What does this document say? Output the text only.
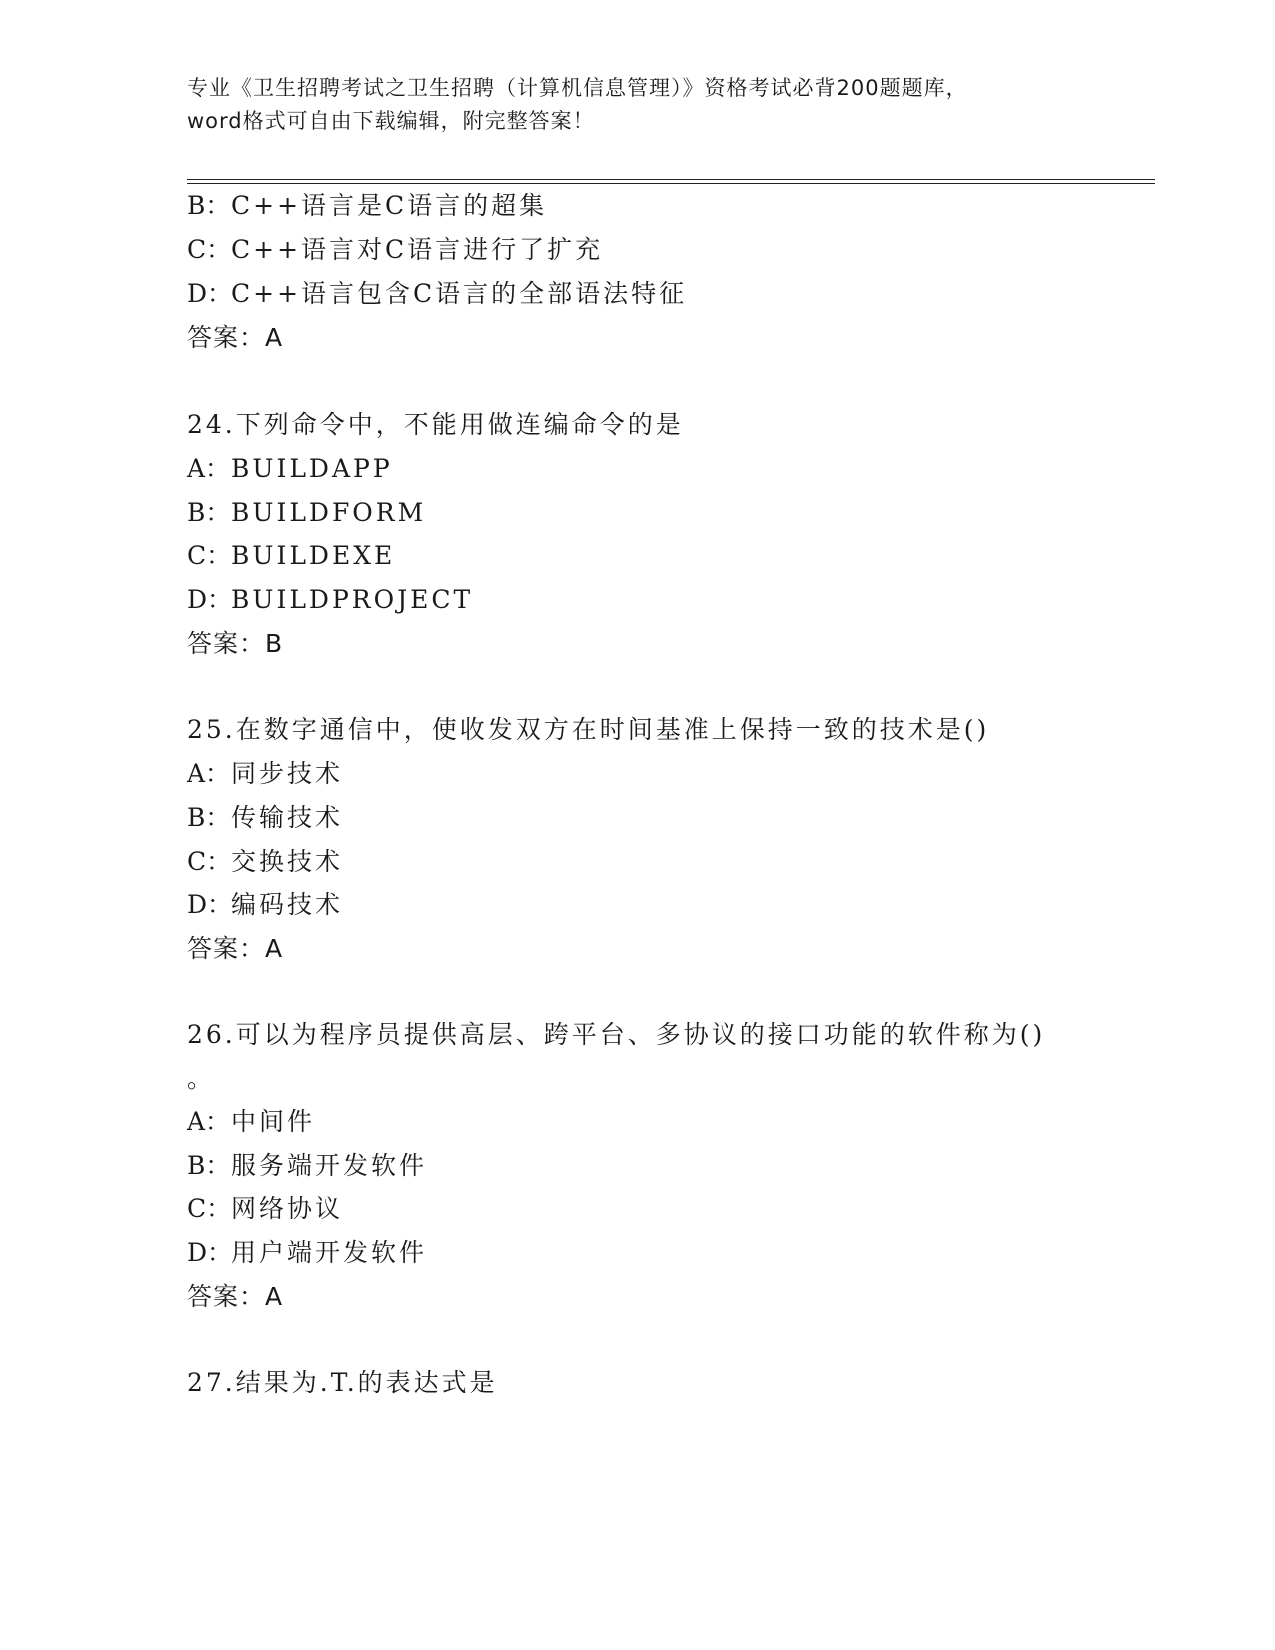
专业《卫生招聘考试之卫生招聘（计算机信息管理）》资格考试必背200题题库，
word格式可自由下载编辑，附完整答案！
B：C++语言是C语言的超集
C：C++语言对C语言进行了扩充
D：C++语言包含C语言的全部语法特征
答案：A
24.下列命令中，不能用做连编命令的是
A：BUILDAPP
B：BUILDFORM
C：BUILDEXE
D：BUILDPROJECT
答案：B
25.在数字通信中，使收发双方在时间基准上保持一致的技术是()
A：同步技术
B：传输技术
C：交换技术
D：编码技术
答案：A
26.可以为程序员提供高层、跨平台、多协议的接口功能的软件称为()
。
A：中间件
B：服务端开发软件
C：网络协议
D：用户端开发软件
答案：A
27.结果为.T.的表达式是
